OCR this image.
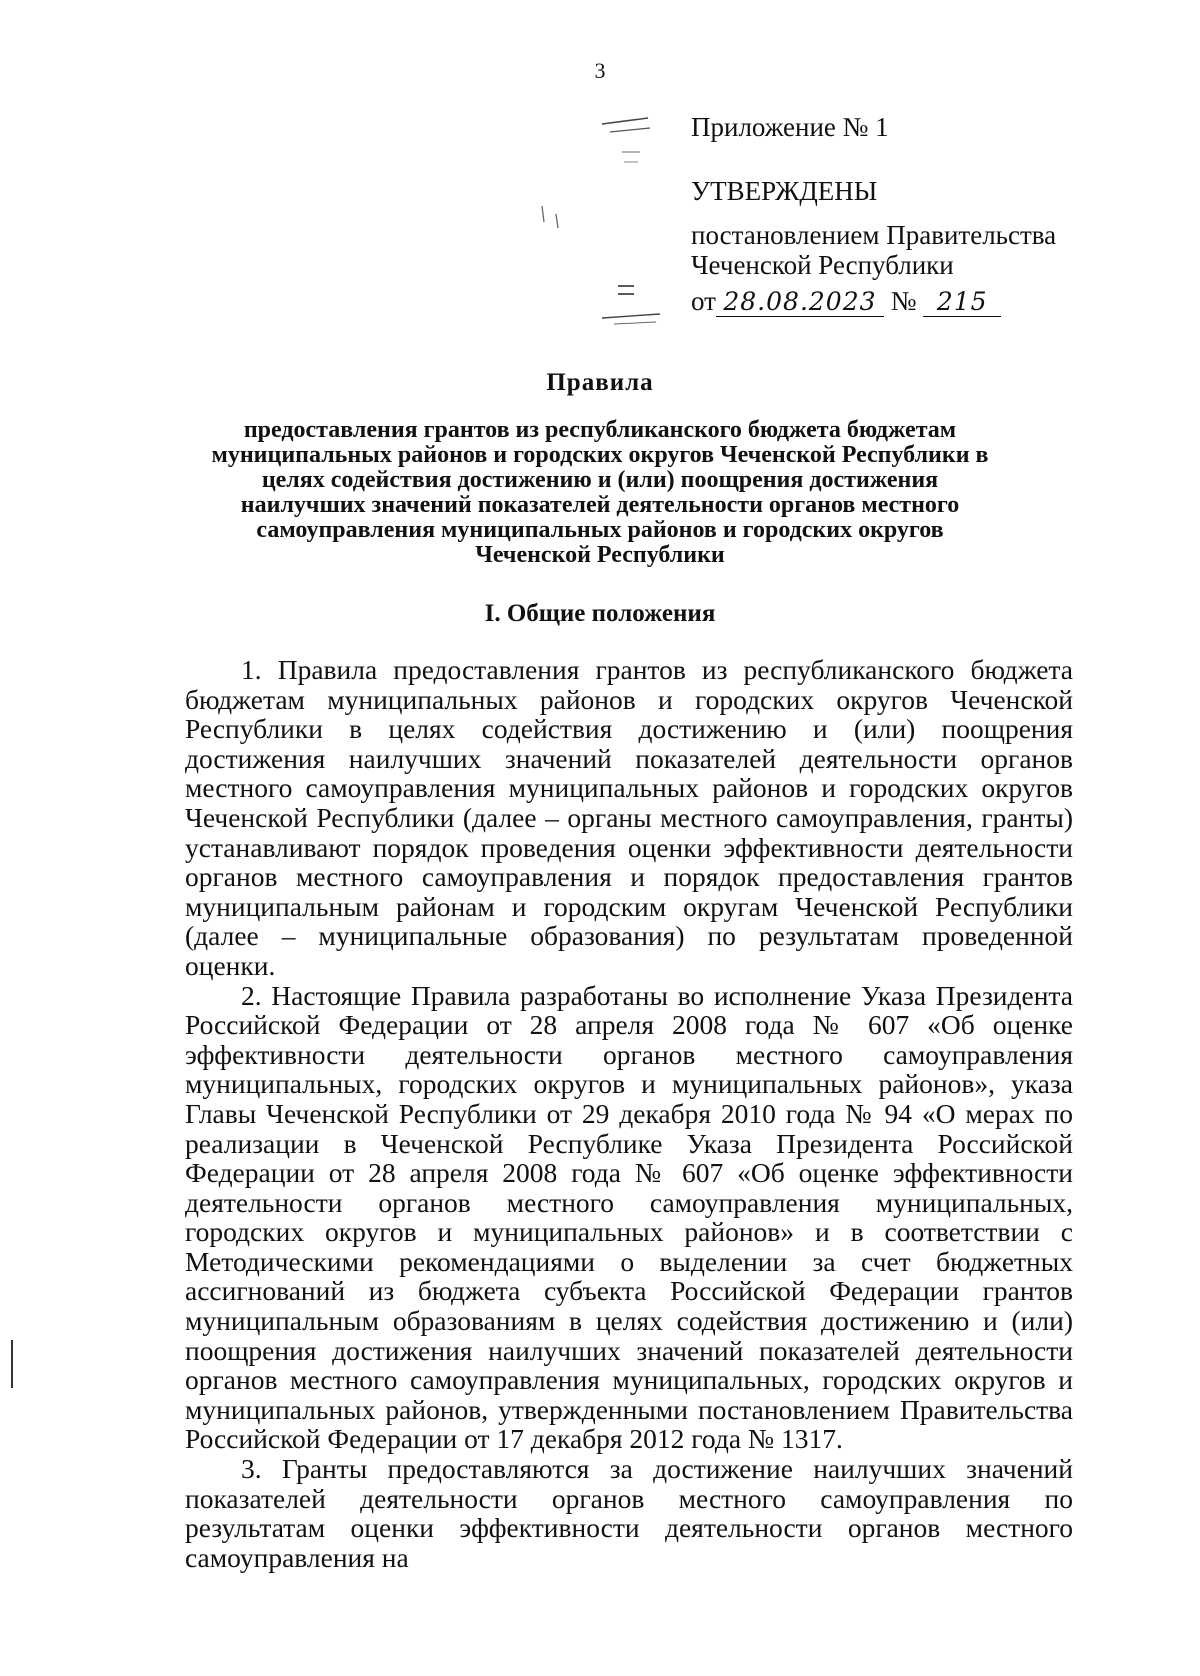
3
Приложение № 1
УТВЕРЖДЕНЫ
постановлением Правительства
Чеченской Республики
от 28.08.2023 № 215
Правила
предоставления грантов из республиканского бюджета бюджетам
муниципальных районов и городских округов Чеченской Республики в
целях содействия достижению и (или) поощрения достижения
наилучших значений показателей деятельности органов местного
самоуправления муниципальных районов и городских округов
Чеченской Республики
I. Общие положения

1. Правила предоставления грантов из республиканского бюджета бюджетам муниципальных районов и городских округов Чеченской Республики в целях содействия достижению и (или) поощрения достижения наилучших значений показателей деятельности органов местного самоуправления муниципальных районов и городских округов Чеченской Республики (далее – органы местного самоуправления, гранты) устанавливают порядок проведения оценки эффективности деятельности органов местного самоуправления и порядок предоставления грантов муниципальным районам и городским округам Чеченской Республики (далее – муниципальные образования) по результатам проведенной оценки.

2. Настоящие Правила разработаны во исполнение Указа Президента Российской Федерации от 28 апреля 2008 года № 607 «Об оценке эффективности деятельности органов местного самоуправления муниципальных, городских округов и муниципальных районов», указа Главы Чеченской Республики от 29 декабря 2010 года № 94 «О мерах по реализации в Чеченской Республике Указа Президента Российской Федерации от 28 апреля 2008 года № 607 «Об оценке эффективности деятельности органов местного самоуправления муниципальных, городских округов и муниципальных районов» и в соответствии с Методическими рекомендациями о выделении за счет бюджетных ассигнований из бюджета субъекта Российской Федерации грантов муниципальным образованиям в целях содействия достижению и (или) поощрения достижения наилучших значений показателей деятельности органов местного самоуправления муниципальных, городских округов и муниципальных районов, утвержденными постановлением Правительства Российской Федерации от 17 декабря 2012 года № 1317.

3. Гранты предоставляются за достижение наилучших значений показателей деятельности органов местного самоуправления по результатам оценки эффективности деятельности органов местного самоуправления на
